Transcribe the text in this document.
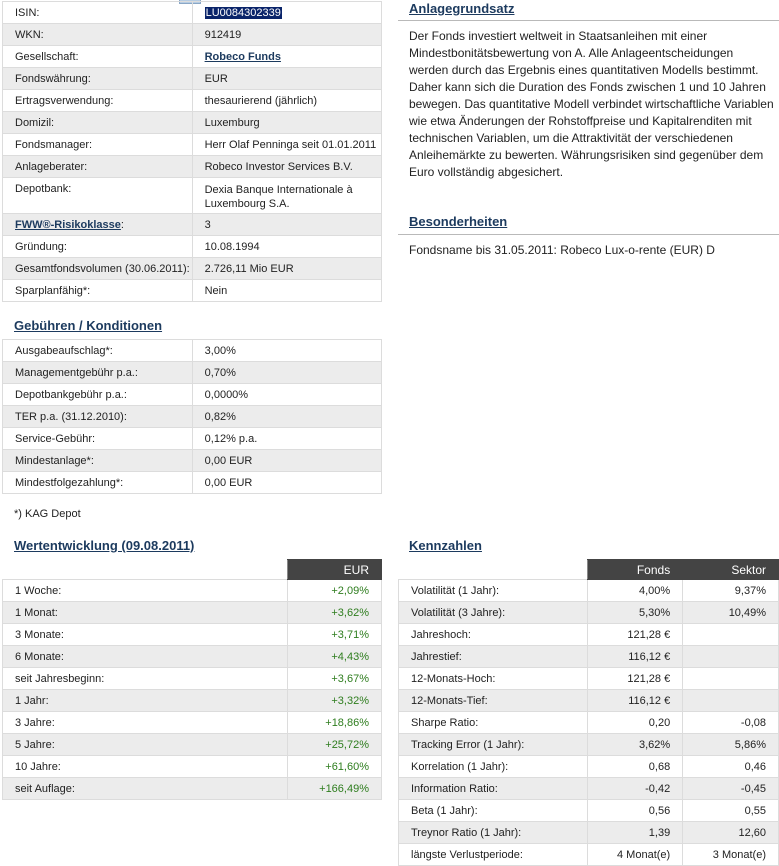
ISIN:	LU0084302339
WKN:	912419
Gesellschaft:	Robeco Funds
Fondswährung:	EUR
Ertragsverwendung:	thesaurierend (jährlich)
Domizil:	Luxemburg
Fondsmanager:	Herr Olaf Penninga seit 01.01.2011
Anlageberater:	Robeco Investor Services B.V.
Depotbank:	Dexia Banque Internationale à Luxembourg S.A.
FWW®-Risikoklasse:	3
Gründung:	10.08.1994
Gesamtfondsvolumen (30.06.2011):	2.726,11 Mio EUR
Sparplanfähig*:	Nein
Gebühren / Konditionen
Ausgabeaufschlag*:	3,00%
Managementgebühr p.a.:	0,70%
Depotbankgebühr p.a.:	0,0000%
TER p.a. (31.12.2010):	0,82%
Service-Gebühr:	0,12% p.a.
Mindestanlage*:	0,00 EUR
Mindestfolgezahlung*:	0,00 EUR
*) KAG Depot
Wertentwicklung (09.08.2011)
	EUR
1 Woche:	+2,09%
1 Monat:	+3,62%
3 Monate:	+3,71%
6 Monate:	+4,43%
seit Jahresbeginn:	+3,67%
1 Jahr:	+3,32%
3 Jahre:	+18,86%
5 Jahre:	+25,72%
10 Jahre:	+61,60%
seit Auflage:	+166,49%
Anlagegrundsatz
Der Fonds investiert weltweit in Staatsanleihen mit einer Mindestbonitätsbewertung von A. Alle Anlageentscheidungen werden durch das Ergebnis eines quantitativen Modells bestimmt. Daher kann sich die Duration des Fonds zwischen 1 und 10 Jahren bewegen. Das quantitative Modell verbindet wirtschaftliche Variablen wie etwa Änderungen der Rohstoffpreise und Kapitalrenditen mit technischen Variablen, um die Attraktivität der verschiedenen Anleihemärkte zu bewerten. Währungsrisiken sind gegenüber dem Euro vollständig abgesichert.
Besonderheiten
Fondsname bis 31.05.2011: Robeco Lux-o-rente (EUR) D
Kennzahlen
	Fonds	Sektor
Volatilität (1 Jahr):	4,00%	9,37%
Volatilität (3 Jahre):	5,30%	10,49%
Jahreshoch:	121,28 €	
Jahrestief:	116,12 €	
12-Monats-Hoch:	121,28 €	
12-Monats-Tief:	116,12 €	
Sharpe Ratio:	0,20	-0,08
Tracking Error (1 Jahr):	3,62%	5,86%
Korrelation (1 Jahr):	0,68	0,46
Information Ratio:	-0,42	-0,45
Beta (1 Jahr):	0,56	0,55
Treynor Ratio (1 Jahr):	1,39	12,60
längste Verlustperiode:	4 Monat(e)	3 Monat(e)
